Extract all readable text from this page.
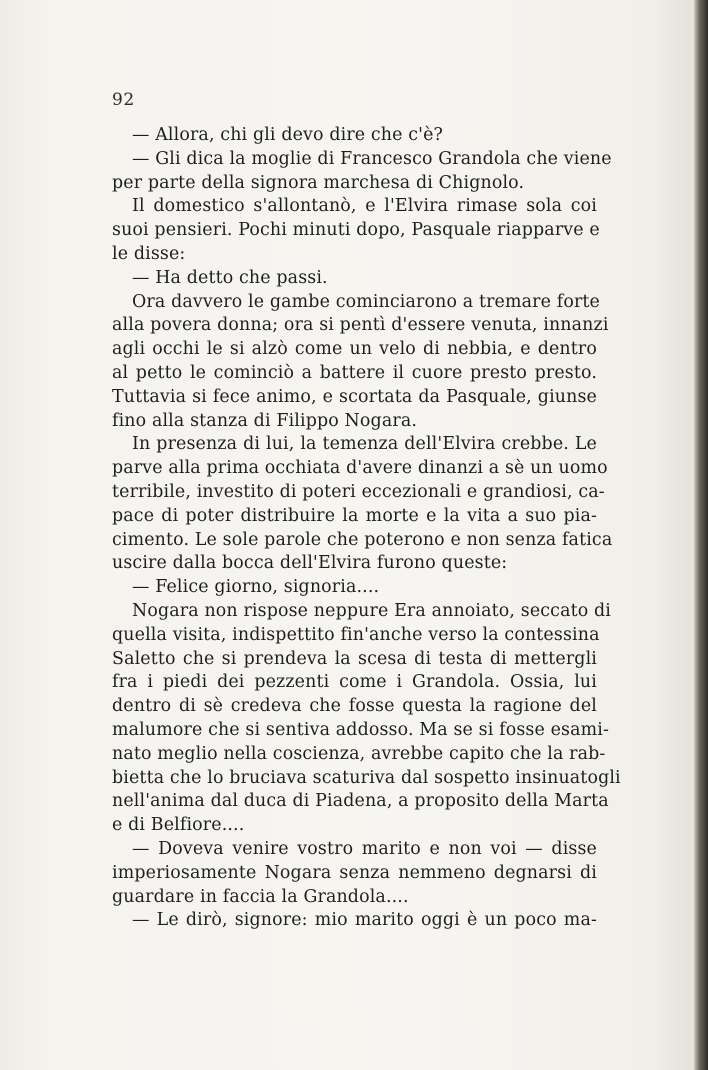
92
— Allora, chi gli devo dire che c'è?
— Gli dica la moglie di Francesco Grandola che viene
per parte della signora marchesa di Chignolo.
Il domestico s'allontanò, e l'Elvira rimase sola coi
suoi pensieri. Pochi minuti dopo, Pasquale riapparve e
le disse:
— Ha detto che passi.
Ora davvero le gambe cominciarono a tremare forte
alla povera donna; ora si pentì d'essere venuta, innanzi
agli occhi le si alzò come un velo di nebbia, e dentro
al petto le cominciò a battere il cuore presto presto.
Tuttavia si fece animo, e scortata da Pasquale, giunse
fino alla stanza di Filippo Nogara.
In presenza di lui, la temenza dell'Elvira crebbe. Le
parve alla prima occhiata d'avere dinanzi a sè un uomo
terribile, investito di poteri eccezionali e grandiosi, ca-
pace di poter distribuire la morte e la vita a suo pia-
cimento. Le sole parole che poterono e non senza fatica
uscire dalla bocca dell'Elvira furono queste:
— Felice giorno, signoria....
Nogara non rispose neppure Era annoiato, seccato di
quella visita, indispettito fin'anche verso la contessina
Saletto che si prendeva la scesa di testa di mettergli
fra i piedi dei pezzenti come i Grandola. Ossia, lui
dentro di sè credeva che fosse questa la ragione del
malumore che si sentiva addosso. Ma se si fosse esami-
nato meglio nella coscienza, avrebbe capito che la rab-
bietta che lo bruciava scaturiva dal sospetto insinuatogli
nell'anima dal duca di Piadena, a proposito della Marta
e di Belfiore....
— Doveva venire vostro marito e non voi — disse
imperiosamente Nogara senza nemmeno degnarsi di
guardare in faccia la Grandola....
— Le dirò, signore: mio marito oggi è un poco ma-
